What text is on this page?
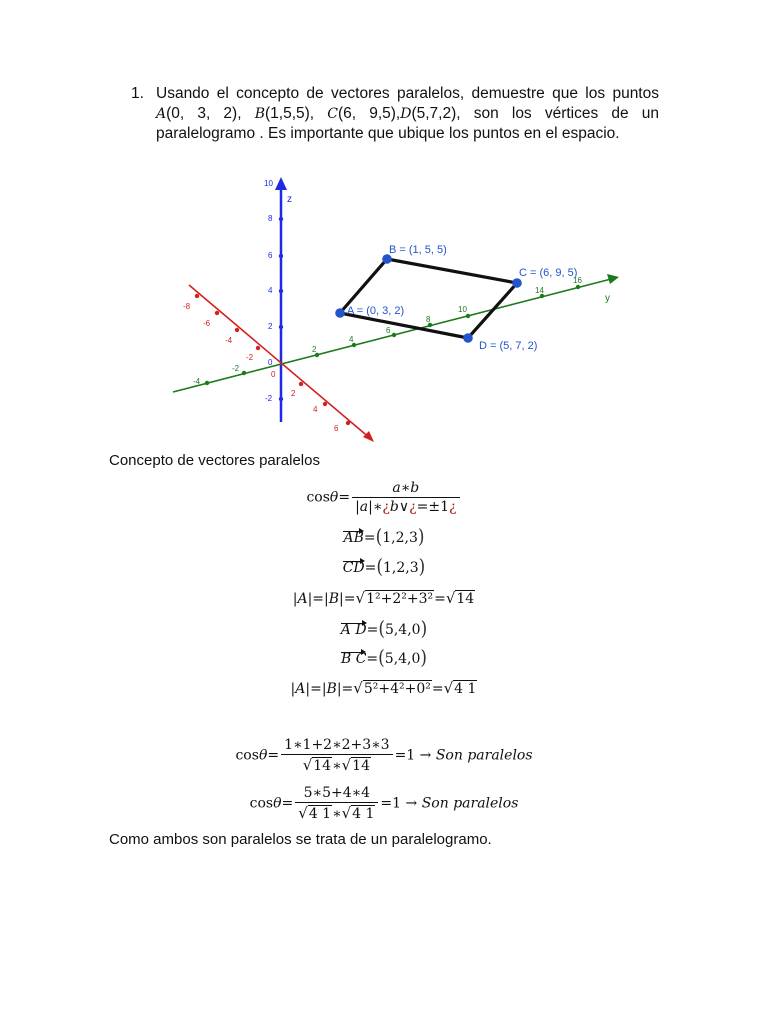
1. Usando el concepto de vectores paralelos, demuestre que los puntos
A(0, 3, 2), B(1,5,5), C(6, 9,5),D(5,7,2), son los vértices de un
paralelogramo . Es importante que ubique los puntos en el espacio.
z
10
8
6
4
2
0
-2
y
-4
-2
2
4
6
8
10
14
16
-8
-6
-4
-2
0
2
4
6
A = (0, 3, 2)
B = (1, 5, 5)
C = (6, 9, 5)
D = (5, 7, 2)
Concepto de vectores paralelos
$\cos\theta= \frac{a∗b}{|a|∗¿b\vee¿=\pm 1¿}$
AB=(1,2,3)
CD=(1,2,3)
|A|=|B|=√1²+2²+3²=√14
A D=(5,4,0)
B C=(5,4,0)
|A|=|B|=√5²+4²+0²=√4 1
$\cos\theta= \frac{1∗1+2∗2+3∗3}{√14∗√14} =1$ → Son paralelos
$\cos\theta= \frac{5∗5+4∗4}{√4 1∗√4 1} =1$ → Son paralelos
Como ambos son paralelos se trata de un paralelogramo.
